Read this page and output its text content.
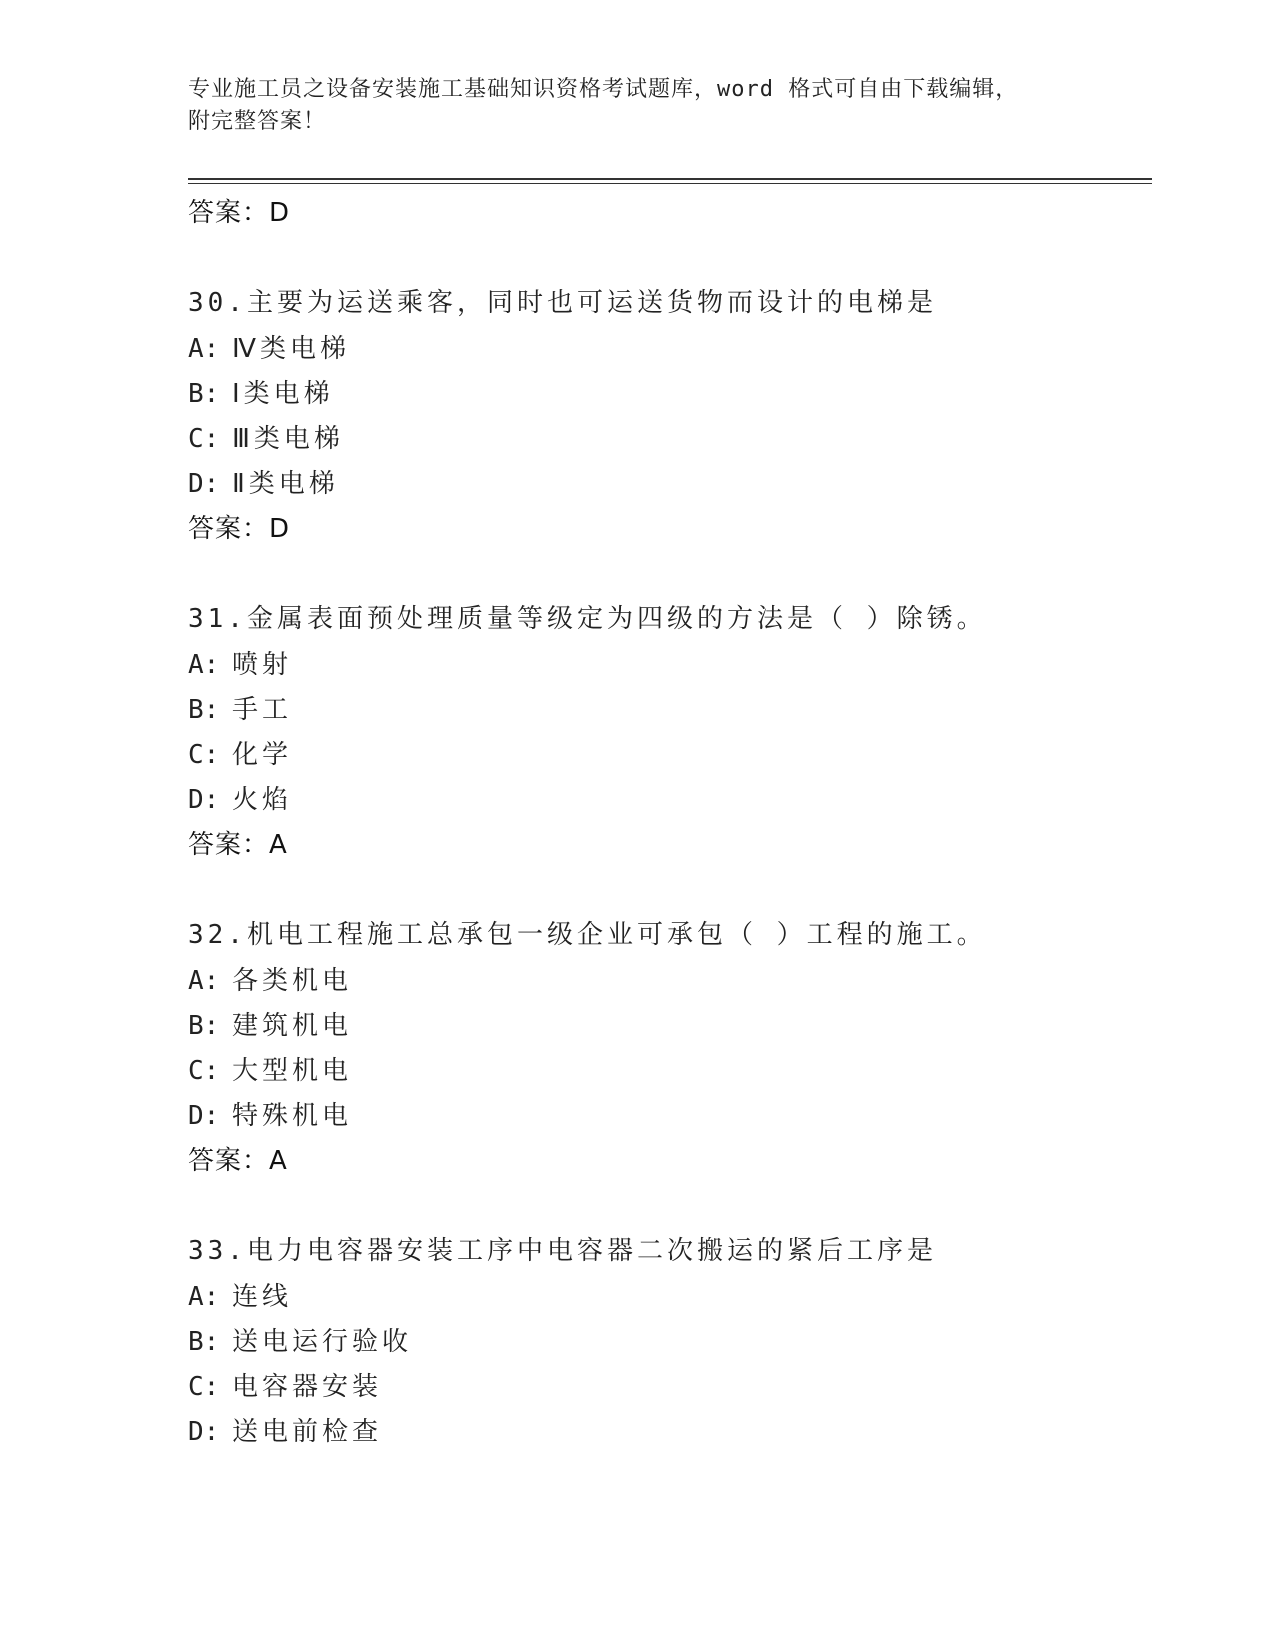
专业施工员之设备安装施工基础知识资格考试题库，word 格式可自由下载编辑，
附完整答案！
答案： D
30.主要为运送乘客，同时也可运送货物而设计的电梯是
A: Ⅳ类电梯
B: Ⅰ类电梯
C: Ⅲ类电梯
D: Ⅱ类电梯
答案： D
31.金属表面预处理质量等级定为四级的方法是（ ）除锈。
A: 喷射
B: 手工
C: 化学
D: 火焰
答案： A
32.机电工程施工总承包一级企业可承包（ ）工程的施工。
A: 各类机电
B: 建筑机电
C: 大型机电
D: 特殊机电
答案： A
33.电力电容器安装工序中电容器二次搬运的紧后工序是
A: 连线
B: 送电运行验收
C: 电容器安装
D: 送电前检查
